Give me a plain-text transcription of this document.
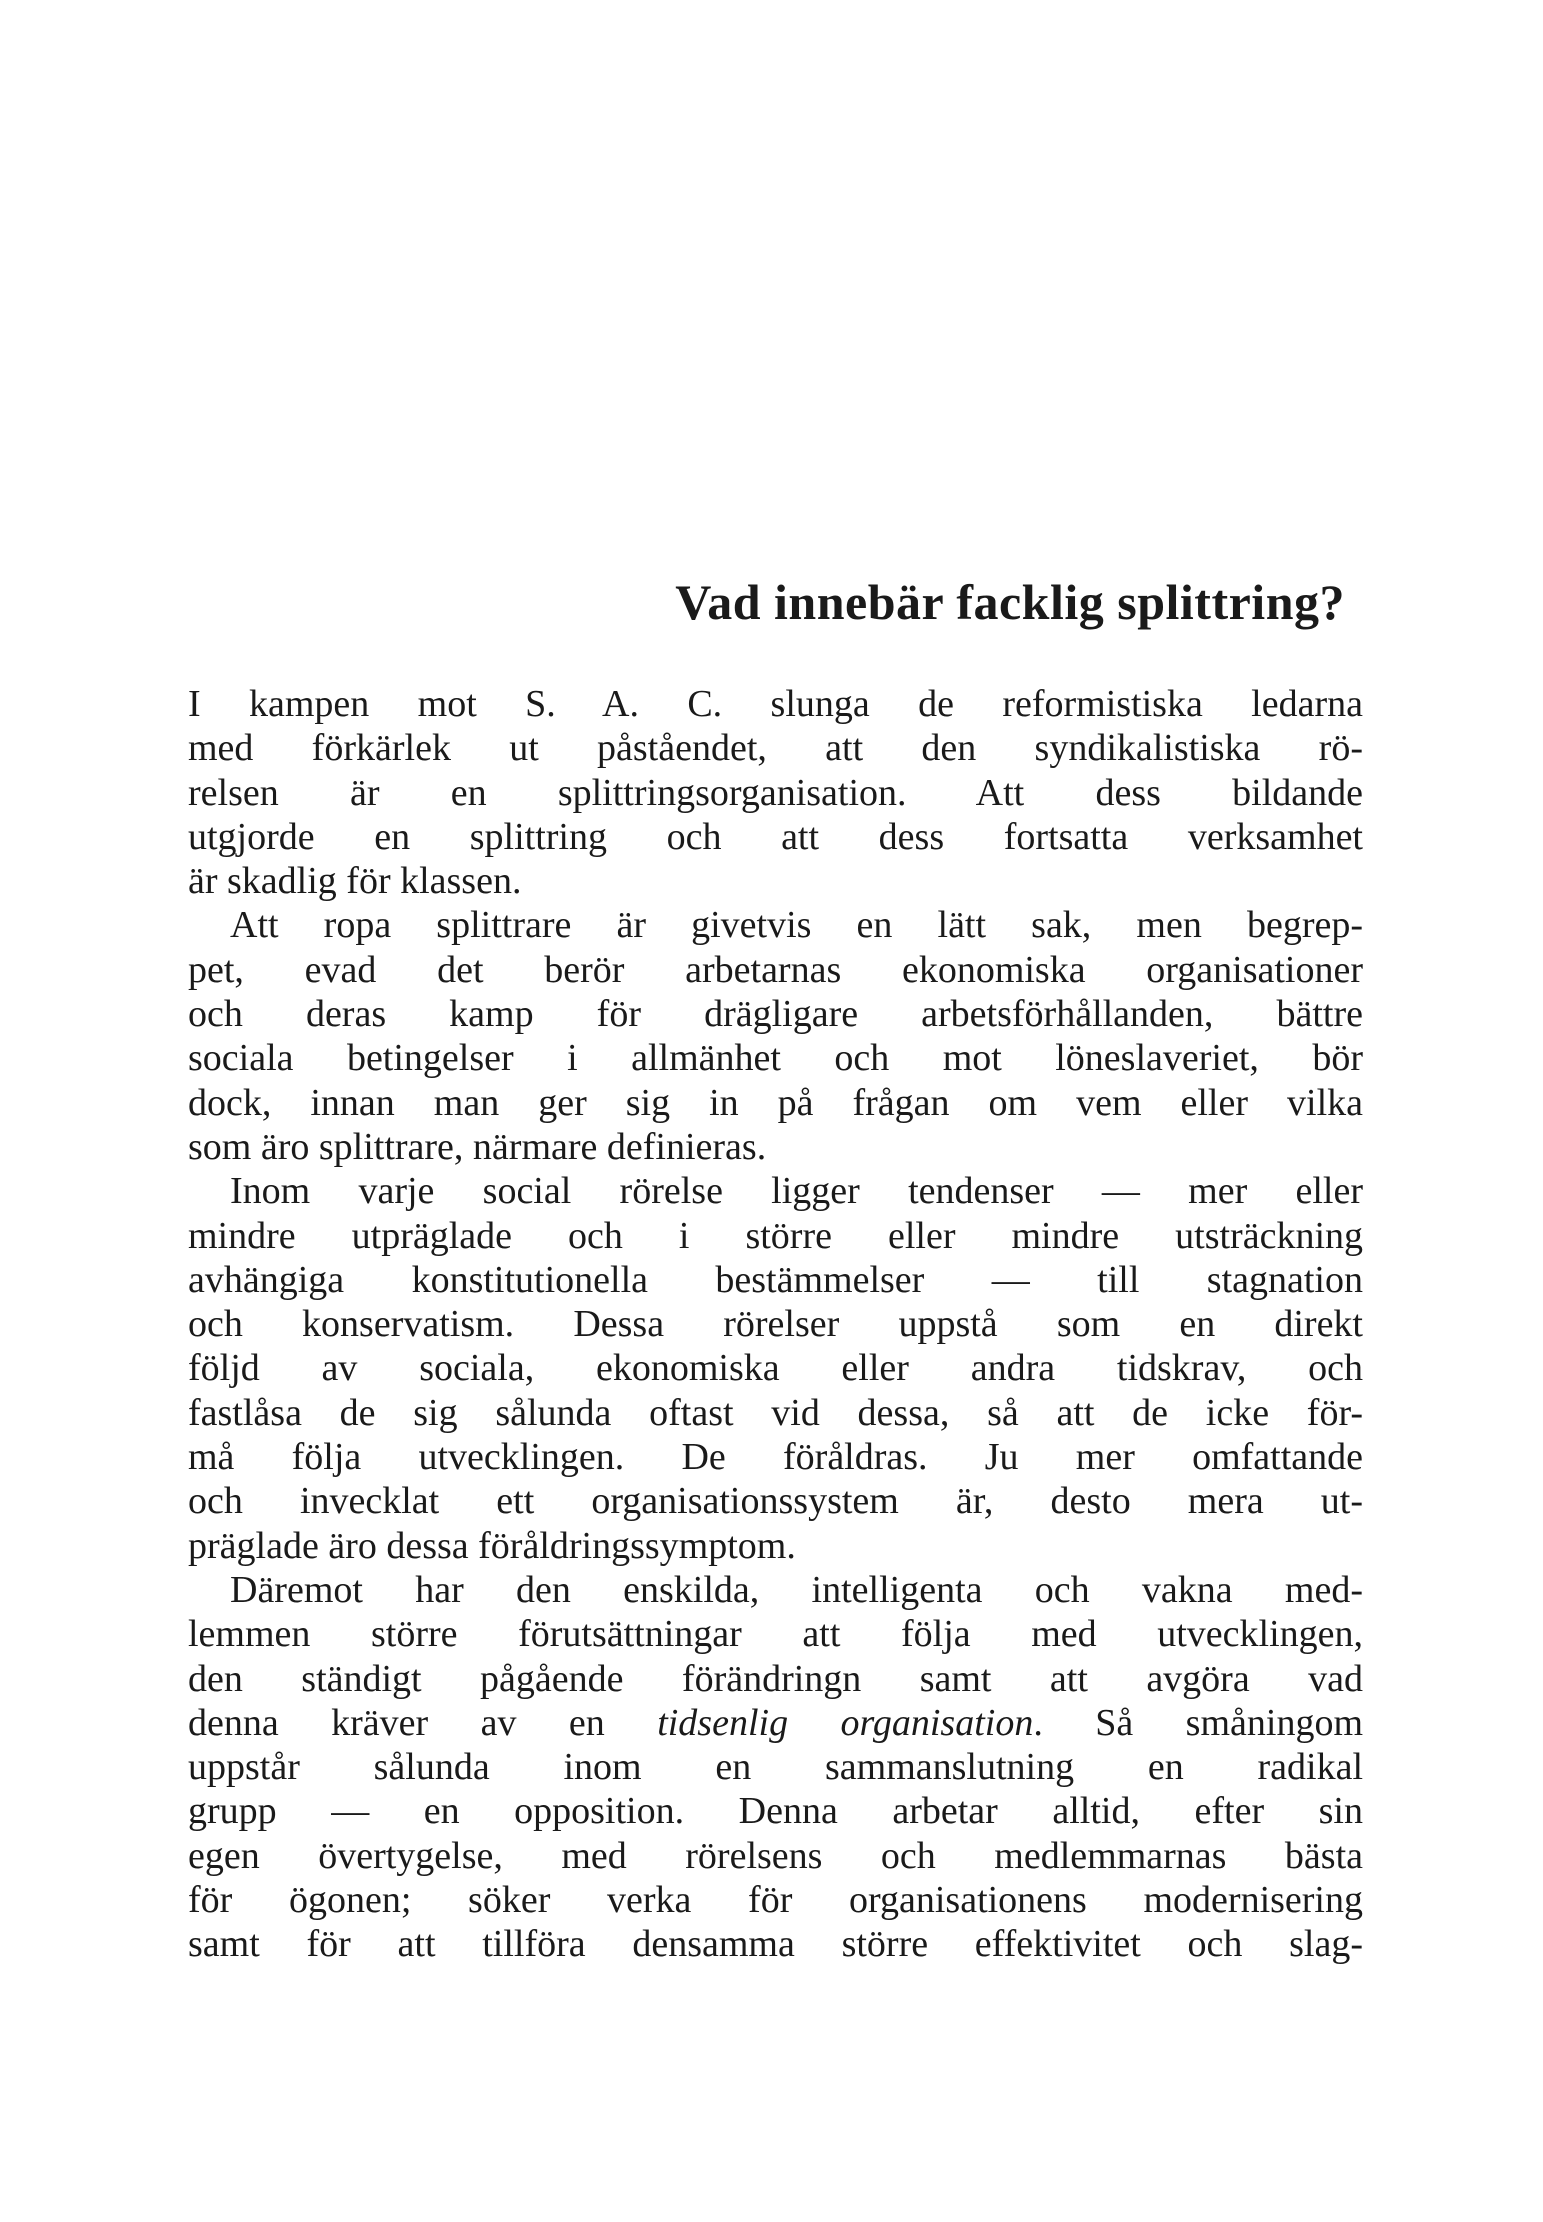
Vad innebär facklig splittring?
I kampen mot S. A. C. slunga de reformistiska ledarna
med förkärlek ut påståendet, att den syndikalistiska rö-
relsen är en splittringsorganisation. Att dess bildande
utgjorde en splittring och att dess fortsatta verksamhet
är skadlig för klassen.
Att ropa splittrare är givetvis en lätt sak, men begrep-
pet, evad det berör arbetarnas ekonomiska organisationer
och deras kamp för drägligare arbetsförhållanden, bättre
sociala betingelser i allmänhet och mot löneslaveriet, bör
dock, innan man ger sig in på frågan om vem eller vilka
som äro splittrare, närmare definieras.
Inom varje social rörelse ligger tendenser — mer eller
mindre utpräglade och i större eller mindre utsträckning
avhängiga konstitutionella bestämmelser — till stagnation
och konservatism. Dessa rörelser uppstå som en direkt
följd av sociala, ekonomiska eller andra tidskrav, och
fastlåsa de sig sålunda oftast vid dessa, så att de icke för-
må följa utvecklingen. De föråldras. Ju mer omfattande
och invecklat ett organisationssystem är, desto mera ut-
präglade äro dessa föråldringssymptom.
Däremot har den enskilda, intelligenta och vakna med-
lemmen större förutsättningar att följa med utvecklingen,
den ständigt pågående förändringn samt att avgöra vad
denna kräver av en tidsenlig organisation. Så småningom
uppstår sålunda inom en sammanslutning en radikal
grupp — en opposition. Denna arbetar alltid, efter sin
egen övertygelse, med rörelsens och medlemmarnas bästa
för ögonen; söker verka för organisationens modernisering
samt för att tillföra densamma större effektivitet och slag-
